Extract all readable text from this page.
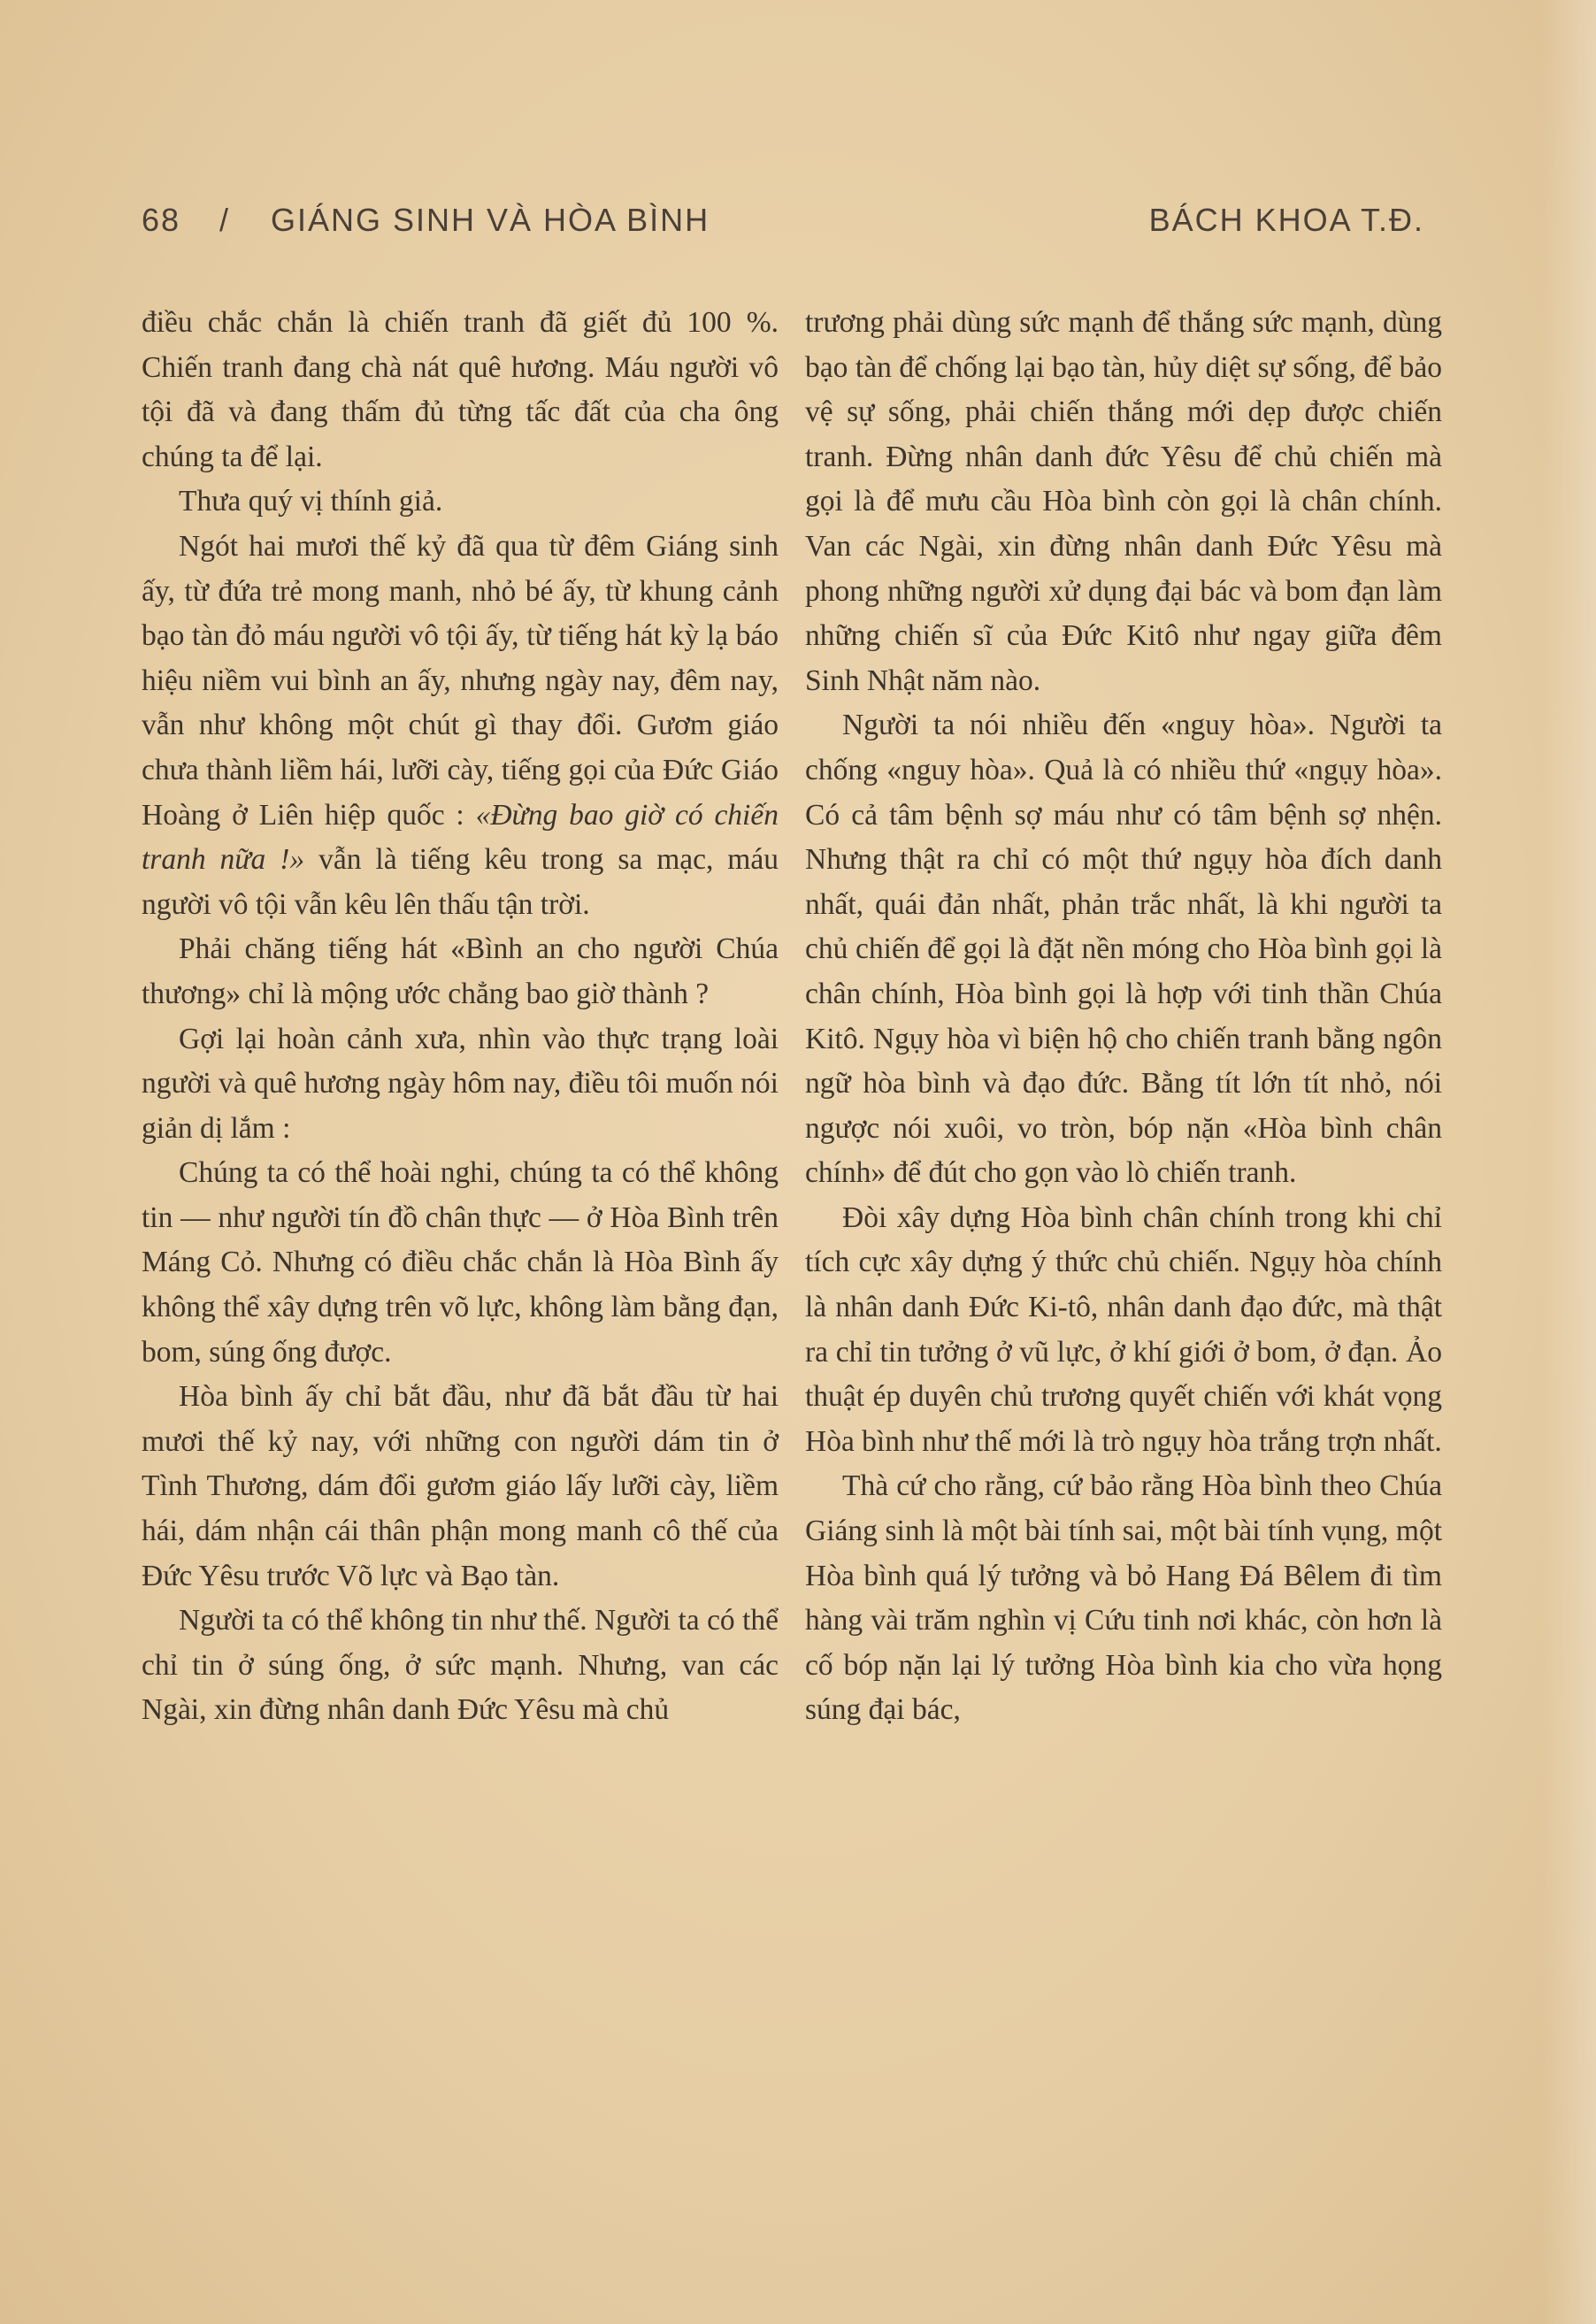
68 / GIÁNG SINH VÀ HÒA BÌNH	BÁCH KHOA T.Đ.

điều chắc chắn là chiến tranh đã giết đủ 100 %. Chiến tranh đang chà nát quê hương. Máu người vô tội đã và đang thấm đủ từng tấc đất của cha ông chúng ta để lại.

Thưa quý vị thính giả.

Ngót hai mươi thế kỷ đã qua từ đêm Giáng sinh ấy, từ đứa trẻ mong manh, nhỏ bé ấy, từ khung cảnh bạo tàn đỏ máu người vô tội ấy, từ tiếng hát kỳ lạ báo hiệu niềm vui bình an ấy, nhưng ngày nay, đêm nay, vẫn như không một chút gì thay đổi. Gươm giáo chưa thành liềm hái, lưỡi cày, tiếng gọi của Đức Giáo Hoàng ở Liên hiệp quốc : «Đừng bao giờ có chiến tranh nữa !» vẫn là tiếng kêu trong sa mạc, máu người vô tội vẫn kêu lên thấu tận trời.

Phải chăng tiếng hát «Bình an cho người Chúa thương» chỉ là mộng ước chẳng bao giờ thành ?

Gợi lại hoàn cảnh xưa, nhìn vào thực trạng loài người và quê hương ngày hôm nay, điều tôi muốn nói giản dị lắm :

Chúng ta có thể hoài nghi, chúng ta có thể không tin — như người tín đồ chân thực — ở Hòa Bình trên Máng Cỏ. Nhưng có điều chắc chắn là Hòa Bình ấy không thể xây dựng trên võ lực, không làm bằng đạn, bom, súng ống được.

Hòa bình ấy chỉ bắt đầu, như đã bắt đầu từ hai mươi thế kỷ nay, với những con người dám tin ở Tình Thương, dám đổi gươm giáo lấy lưỡi cày, liềm hái, dám nhận cái thân phận mong manh cô thế của Đức Yêsu trước Võ lực và Bạo tàn.

Người ta có thể không tin như thế. Người ta có thể chỉ tin ở súng ống, ở sức mạnh. Nhưng, van các Ngài, xin đừng nhân danh Đức Yêsu mà chủ

trương phải dùng sức mạnh để thắng sức mạnh, dùng bạo tàn để chống lại bạo tàn, hủy diệt sự sống, để bảo vệ sự sống, phải chiến thắng mới dẹp được chiến tranh. Đừng nhân danh đức Yêsu để chủ chiến mà gọi là để mưu cầu Hòa bình còn gọi là chân chính. Van các Ngài, xin đừng nhân danh Đức Yêsu mà phong những người xử dụng đại bác và bom đạn làm những chiến sĩ của Đức Kitô như ngay giữa đêm Sinh Nhật năm nào.

Người ta nói nhiều đến «nguy hòa». Người ta chống «nguy hòa». Quả là có nhiều thứ «ngụy hòa». Có cả tâm bệnh sợ máu như có tâm bệnh sợ nhện. Nhưng thật ra chỉ có một thứ ngụy hòa đích danh nhất, quái đản nhất, phản trắc nhất, là khi người ta chủ chiến để gọi là đặt nền móng cho Hòa bình gọi là chân chính, Hòa bình gọi là hợp với tinh thần Chúa Kitô. Ngụy hòa vì biện hộ cho chiến tranh bằng ngôn ngữ hòa bình và đạo đức. Bằng tít lớn tít nhỏ, nói ngược nói xuôi, vo tròn, bóp nặn «Hòa bình chân chính» để đút cho gọn vào lò chiến tranh.

Đòi xây dựng Hòa bình chân chính trong khi chỉ tích cực xây dựng ý thức chủ chiến. Ngụy hòa chính là nhân danh Đức Ki-tô, nhân danh đạo đức, mà thật ra chỉ tin tưởng ở vũ lực, ở khí giới ở bom, ở đạn. Ảo thuật ép duyên chủ trương quyết chiến với khát vọng Hòa bình như thế mới là trò ngụy hòa trắng trợn nhất.

Thà cứ cho rằng, cứ bảo rằng Hòa bình theo Chúa Giáng sinh là một bài tính sai, một bài tính vụng, một Hòa bình quá lý tưởng và bỏ Hang Đá Bêlem đi tìm hàng vài trăm nghìn vị Cứu tinh nơi khác, còn hơn là cố bóp nặn lại lý tưởng Hòa bình kia cho vừa họng súng đại bác,
